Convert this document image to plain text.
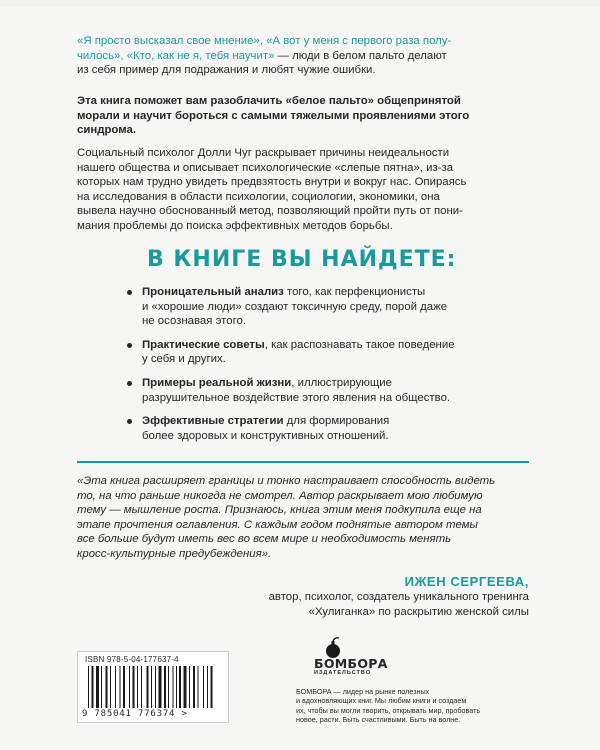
«Я просто высказал свое мнение», «А вот у меня с первого раза полу-
чилось», «Кто, как не я, тебя научит» — люди в белом пальто делают
из себя пример для подражания и любят чужие ошибки.

Эта книга поможет вам разоблачить «белое пальто» общепринятой
морали и научит бороться с самыми тяжелыми проявлениями этого
синдрома.

Социальный психолог Долли Чуг раскрывает причины неидеальности
нашего общества и описывает психологические «слепые пятна», из-за
которых нам трудно увидеть предвзятость внутри и вокруг нас. Опираясь
на исследования в области психологии, социологии, экономики, она
вывела научно обоснованный метод, позволяющий пройти путь от пони-
мания проблемы до поиска эффективных методов борьбы.

В КНИГЕ ВЫ НАЙДЕТЕ:
Проницательный анализ того, как перфекционисты
и «хорошие люди» создают токсичную среду, порой даже
не осознавая этого.
Практические советы, как распознавать такое поведение
у себя и других.
Примеры реальной жизни, иллюстрирующие
разрушительное воздействие этого явления на общество.
Эффективные стратегии для формирования
более здоровых и конструктивных отношений.

«Эта книга расширяет границы и тонко настраивает способность видеть
то, на что раньше никогда не смотрел. Автор раскрывает мою любимую
тему — мышление роста. Признаюсь, книга этим меня подкупила еще на
этапе прочтения оглавления. С каждым годом поднятые автором темы
все больше будут иметь вес во всем мире и необходимость менять
кросс-культурные предубеждения».

ИЖЕН СЕРГЕЕВА,
автор, психолог, создатель уникального тренинга
«Хулиганка» по раскрытию женской силы
ISBN 978-5-04-177637-4
9 785041 776374 >
БОМБОРА
ИЗДАТЕЛЬСТВО

БОМБОРА — лидер на рынке полезных
и вдохновляющих книг. Мы любим книги и создаем
их, чтобы вы могли творить, открывать мир, пробовать
новое, расти. Быть счастливыми. Быть на волне.
